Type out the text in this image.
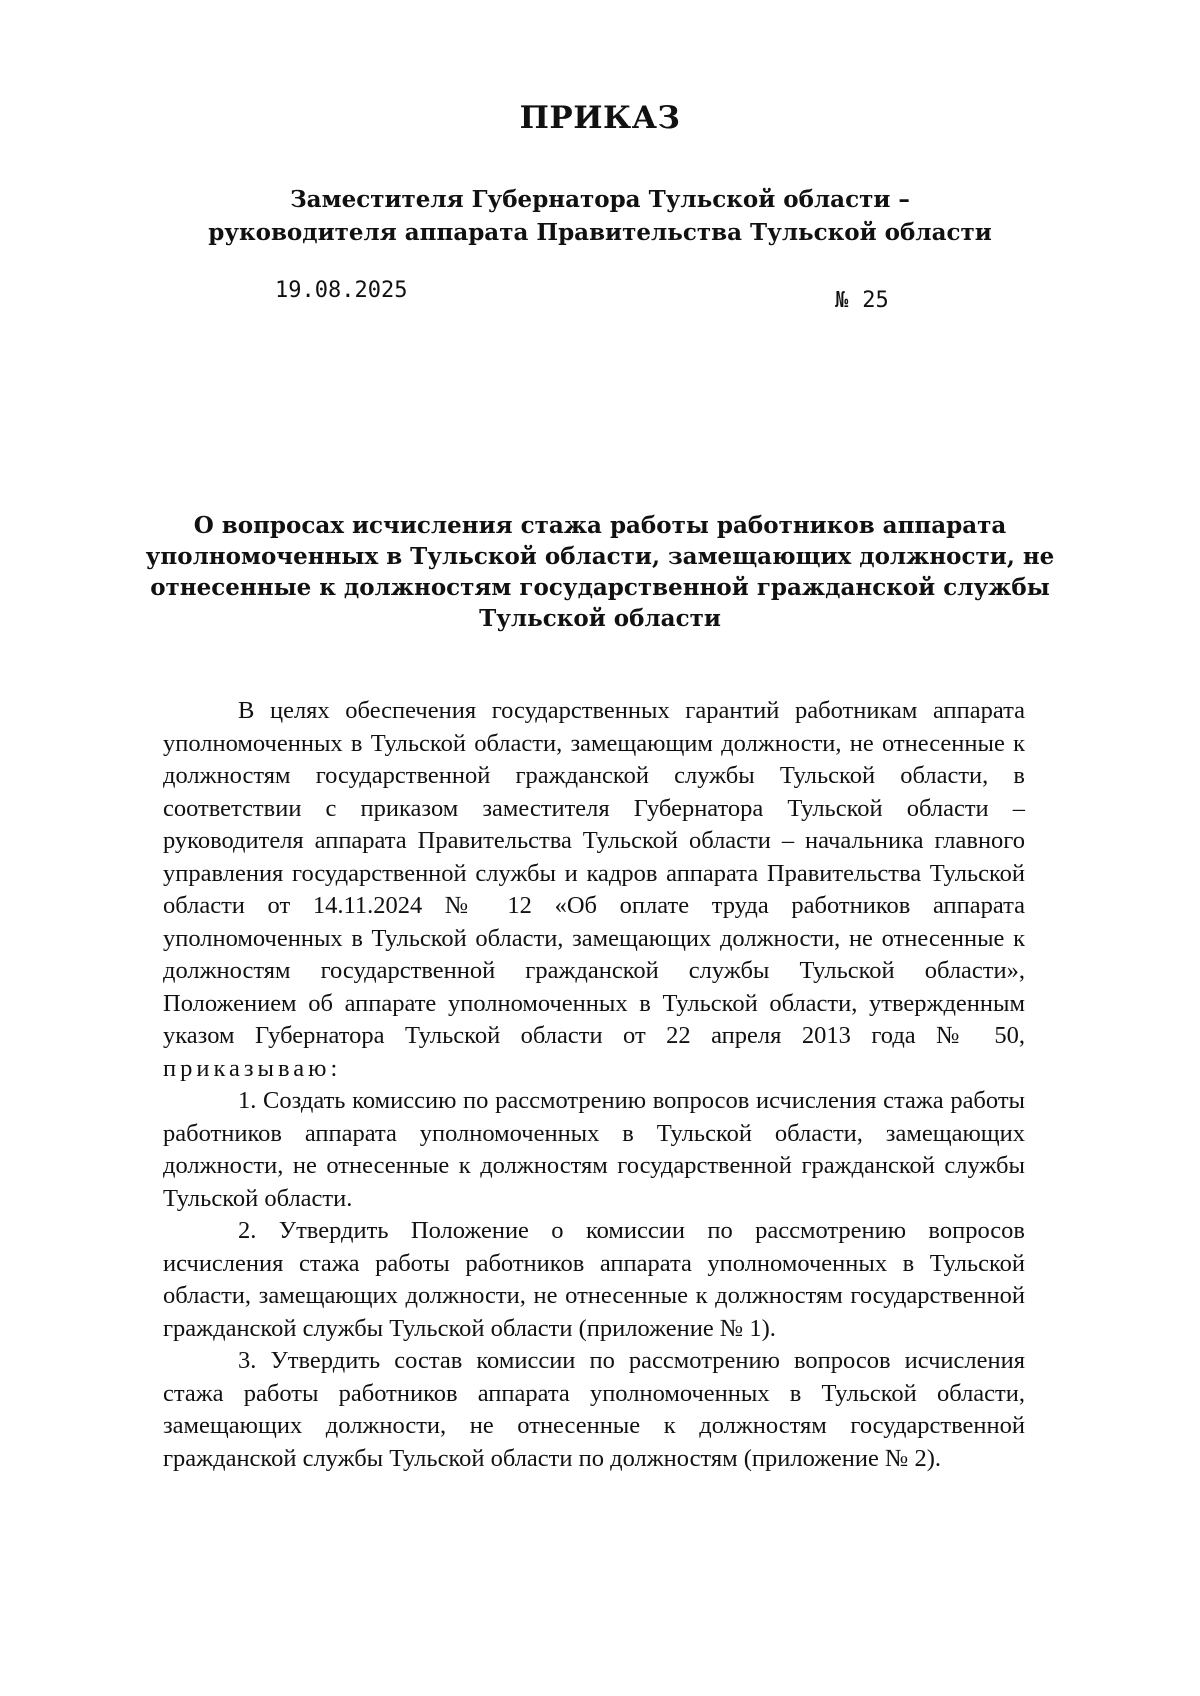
ПРИКАЗ
Заместителя Губернатора Тульской области –
руководителя аппарата Правительства Тульской области
19.08.2025	№ 25
О вопросах исчисления стажа работы работников аппарата
уполномоченных в Тульской области, замещающих должности, не
отнесенные к должностям государственной гражданской службы
Тульской области

В целях обеспечения государственных гарантий работникам аппарата уполномоченных в Тульской области, замещающим должности, не отнесенные к должностям государственной гражданской службы Тульской области, в соответствии с приказом заместителя Губернатора Тульской области – руководителя аппарата Правительства Тульской области – начальника главного управления государственной службы и кадров аппарата Правительства Тульской области от 14.11.2024 № 12 «Об оплате труда работников аппарата уполномоченных в Тульской области, замещающих должности, не отнесенные к должностям государственной гражданской службы Тульской области», Положением об аппарате уполномоченных в Тульской области, утвержденным указом Губернатора Тульской области от 22 апреля 2013 года № 50, приказываю:

1. Создать комиссию по рассмотрению вопросов исчисления стажа работы работников аппарата уполномоченных в Тульской области, замещающих должности, не отнесенные к должностям государственной гражданской службы Тульской области.

2. Утвердить Положение о комиссии по рассмотрению вопросов исчисления стажа работы работников аппарата уполномоченных в Тульской области, замещающих должности, не отнесенные к должностям государственной гражданской службы Тульской области (приложение № 1).

3. Утвердить состав комиссии по рассмотрению вопросов исчисления стажа работы работников аппарата уполномоченных в Тульской области, замещающих должности, не отнесенные к должностям государственной гражданской службы Тульской области по должностям (приложение № 2).
